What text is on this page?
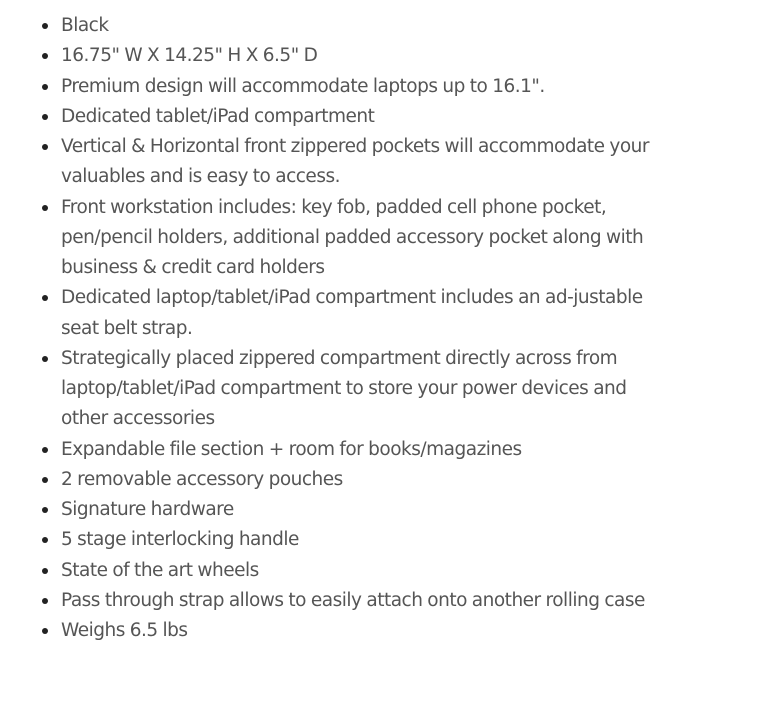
Black
16.75" W X 14.25" H X 6.5" D
Premium design will accommodate laptops up to 16.1".
Dedicated tablet/iPad compartment
Vertical & Horizontal front zippered pockets will accommodate your valuables and is easy to access.
Front workstation includes: key fob, padded cell phone pocket, pen/pencil holders, additional padded accessory pocket along with business & credit card holders
Dedicated laptop/tablet/iPad compartment includes an ad-justable seat belt strap.
Strategically placed zippered compartment directly across from laptop/tablet/iPad compartment to store your power devices and other accessories
Expandable file section + room for books/magazines
2 removable accessory pouches
Signature hardware
5 stage interlocking handle
State of the art wheels
Pass through strap allows to easily attach onto another rolling case
Weighs 6.5 lbs
